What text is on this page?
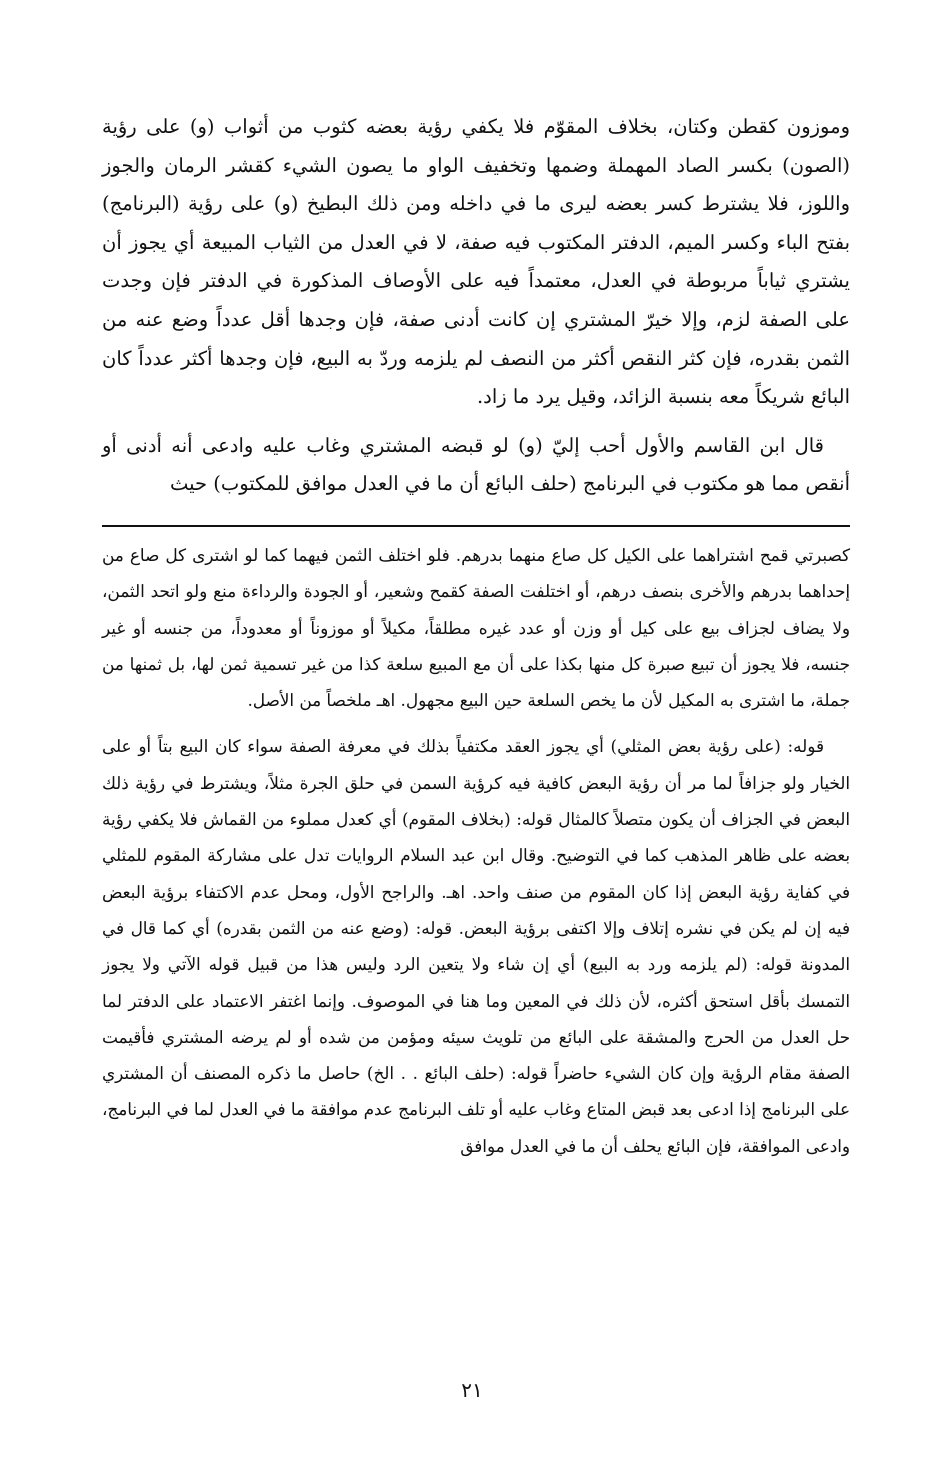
وموزون كقطن وكتان، بخلاف المقوّم فلا يكفي رؤية بعضه كثوب من أثواب (و) على رؤية (الصون) بكسر الصاد المهملة وضمها وتخفيف الواو ما يصون الشيء كقشر الرمان والجوز واللوز، فلا يشترط كسر بعضه ليرى ما في داخله ومن ذلك البطيخ (و) على رؤية (البرنامج) بفتح الباء وكسر الميم، الدفتر المكتوب فيه صفة، لا في العدل من الثياب المبيعة أي يجوز أن يشتري ثياباً مربوطة في العدل، معتمداً فيه على الأوصاف المذكورة في الدفتر فإن وجدت على الصفة لزم، وإلا خيرّ المشتري إن كانت أدنى صفة، فإن وجدها أقل عدداً وضع عنه من الثمن بقدره، فإن كثر النقص أكثر من النصف لم يلزمه وردّ به البيع، فإن وجدها أكثر عدداً كان البائع شريكاً معه بنسبة الزائد، وقيل يرد ما زاد.

قال ابن القاسم والأول أحب إليّ (و) لو قبضه المشتري وغاب عليه وادعى أنه أدنى أو أنقص مما هو مكتوب في البرنامج (حلف البائع أن ما في العدل موافق للمكتوب) حيث

كصبرتي قمح اشتراهما على الكيل كل صاع منهما بدرهم. فلو اختلف الثمن فيهما كما لو اشترى كل صاع من إحداهما بدرهم والأخرى بنصف درهم، أو اختلفت الصفة كقمح وشعير، أو الجودة والرداءة منع ولو اتحد الثمن، ولا يضاف لجزاف بيع على كيل أو وزن أو عدد غيره مطلقاً، مكيلاً أو موزوناً أو معدوداً، من جنسه أو غير جنسه، فلا يجوز أن تبيع صبرة كل منها بكذا على أن مع المبيع سلعة كذا من غير تسمية ثمن لها، بل ثمنها من جملة، ما اشترى به المكيل لأن ما يخص السلعة حين البيع مجهول. اهـ ملخصاً من الأصل.

قوله: (على رؤية بعض المثلي) أي يجوز العقد مكتفياً بذلك في معرفة الصفة سواء كان البيع بتاً أو على الخيار ولو جزافاً لما مر أن رؤية البعض كافية فيه كرؤية السمن في حلق الجرة مثلاً، ويشترط في رؤية ذلك البعض في الجزاف أن يكون متصلاً كالمثال قوله: (بخلاف المقوم) أي كعدل مملوء من القماش فلا يكفي رؤية بعضه على ظاهر المذهب كما في التوضيح. وقال ابن عبد السلام الروايات تدل على مشاركة المقوم للمثلي في كفاية رؤية البعض إذا كان المقوم من صنف واحد. اهـ. والراجح الأول، ومحل عدم الاكتفاء برؤية البعض فيه إن لم يكن في نشره إتلاف وإلا اكتفى برؤية البعض. قوله: (وضع عنه من الثمن بقدره) أي كما قال في المدونة قوله: (لم يلزمه ورد به البيع) أي إن شاء ولا يتعين الرد وليس هذا من قبيل قوله الآتي ولا يجوز التمسك بأقل استحق أكثره، لأن ذلك في المعين وما هنا في الموصوف. وإنما اغتفر الاعتماد على الدفتر لما حل العدل من الحرج والمشقة على البائع من تلويث سيئه ومؤمن من شده أو لم يرضه المشتري فأقيمت الصفة مقام الرؤية وإن كان الشيء حاضراً قوله: (حلف البائع . . الخ) حاصل ما ذكره المصنف أن المشتري على البرنامج إذا ادعى بعد قبض المتاع وغاب عليه أو تلف البرنامج عدم موافقة ما في العدل لما في البرنامج، وادعى الموافقة، فإن البائع يحلف أن ما في العدل موافق

٢١
